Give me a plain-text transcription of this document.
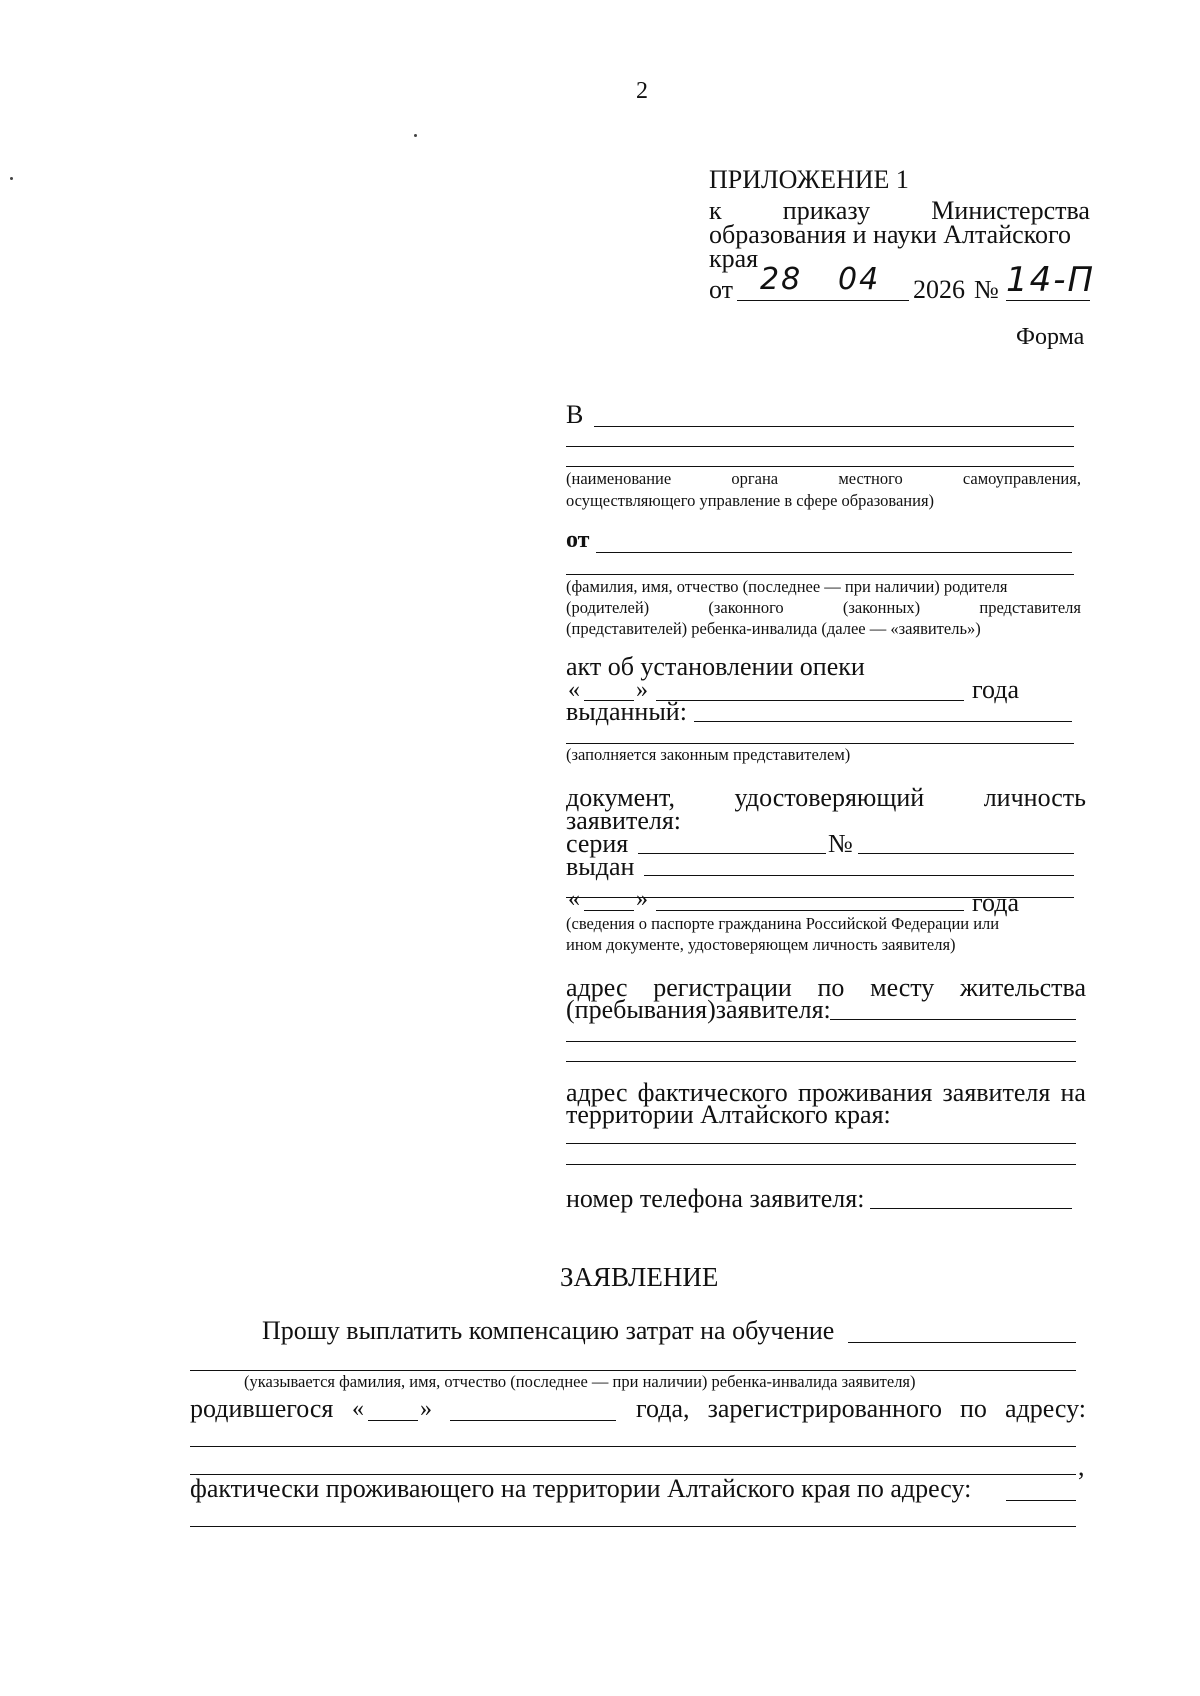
2
ПРИЛОЖЕНИЕ 1
к приказу Министерства
образования и науки Алтайского
края
от 28 04 2026 № 14-П
Форма
В
(наименование	органа	местного	самоуправления,
осуществляющего управление в сфере образования)
от
(фамилия, имя, отчество (последнее — при наличии) родителя
(родителей)	(законного	(законных)	представителя
(представителей) ребенка-инвалида (далее — «заявитель»)
акт об установлении опеки
« »	года
выданный:
(заполняется законным представителем)
документ, удостоверяющий личность
заявителя:
серия	№
выдан
« »	года
(сведения о паспорте гражданина Российской Федерации или
ином документе, удостоверяющем личность заявителя)
адрес регистрации по месту жительства
(пребывания)заявителя:
адрес фактического проживания заявителя на
территории Алтайского края:
номер телефона заявителя:
ЗАЯВЛЕНИЕ
Прошу выплатить компенсацию затрат на обучение
(указывается фамилия, имя, отчество (последнее — при наличии) ребенка-инвалида заявителя)
родившегося « »	года, зарегистрированного по адресу:
,
фактически проживающего на территории Алтайского края по адресу:
